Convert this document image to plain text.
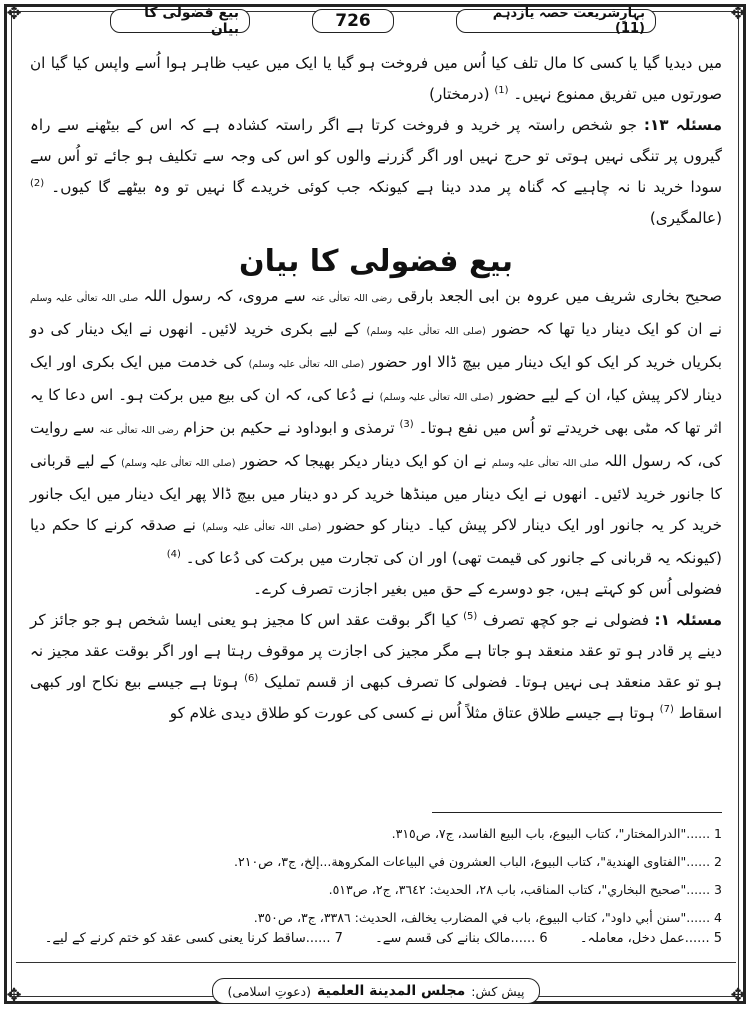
✥	✥
✥	✥
بیع فضولی کا بیان	726	بہارِشریعت حصہ یازدہم (11)

میں دیدیا گیا یا کسی کا مال تلف کیا اُس میں فروخت ہو گیا یا ایک میں عیب ظاہر ہوا اُسے واپس کیا گیا ان صورتوں میں تفریق ممنوع نہیں۔ $^{(1)}$ (درمختار)

مسئلہ ۱۳: جو شخص راستہ پر خرید و فروخت کرتا ہے اگر راستہ کشادہ ہے کہ اس کے بیٹھنے سے راہ گیروں پر تنگی نہیں ہوتی تو حرج نہیں اور اگر گزرنے والوں کو اس کی وجہ سے تکلیف ہو جائے تو اُس سے سودا خرید نا نہ چاہیے کہ گناہ پر مدد دینا ہے کیونکہ جب کوئی خریدے گا نہیں تو وہ بیٹھے گا کیوں۔ $^{(2)}$ (عالمگیری)

بیع فضولی کا بیان

صحیح بخاری شریف میں عروہ بن ابی الجعد بارقی رضی اللہ تعالٰی عنہ سے مروی، کہ رسول اللہ صلی اللہ تعالٰی علیہ وسلم نے ان کو ایک دینار دیا تھا کہ حضور (صلی اللہ تعالٰی علیہ وسلم) کے لیے بکری خرید لائیں۔ انھوں نے ایک دینار کی دو بکریاں خرید کر ایک کو ایک دینار میں بیچ ڈالا اور حضور (صلی اللہ تعالٰی علیہ وسلم) کی خدمت میں ایک بکری اور ایک دینار لاکر پیش کیا، ان کے لیے حضور (صلی اللہ تعالٰی علیہ وسلم) نے دُعا کی، کہ ان کی بیع میں برکت ہو۔ اس دعا کا یہ اثر تھا کہ مٹی بھی خریدتے تو اُس میں نفع ہوتا۔ $^{(3)}$ ترمذی و ابوداود نے حکیم بن حزام رضی اللہ تعالٰی عنہ سے روایت کی، کہ رسول اللہ صلی اللہ تعالٰی علیہ وسلم نے ان کو ایک دینار دیکر بھیجا کہ حضور (صلی اللہ تعالٰی علیہ وسلم) کے لیے قربانی کا جانور خرید لائیں۔ انھوں نے ایک دینار میں مینڈھا خرید کر دو دینار میں بیچ ڈالا پھر ایک دینار میں ایک جانور خرید کر یہ جانور اور ایک دینار لاکر پیش کیا۔ دینار کو حضور (صلی اللہ تعالٰی علیہ وسلم) نے صدقہ کرنے کا حکم دیا (کیونکہ یہ قربانی کے جانور کی قیمت تھی) اور ان کی تجارت میں برکت کی دُعا کی۔ $^{(4)}$

فضولی اُس کو کہتے ہیں، جو دوسرے کے حق میں بغیر اجازت تصرف کرے۔

مسئلہ ۱: فضولی نے جو کچھ تصرف $^{(5)}$ کیا اگر بوقت عقد اس کا مجیز ہو یعنی ایسا شخص ہو جو جائز کر دینے پر قادر ہو تو عقد منعقد ہو جاتا ہے مگر مجیز کی اجازت پر موقوف رہتا ہے اور اگر بوقت عقد مجیز نہ ہو تو عقد منعقد ہی نہیں ہوتا۔ فضولی کا تصرف کبھی از قسم تملیک $^{(6)}$ ہوتا ہے جیسے بیع نکاح اور کبھی اسقاط $^{(7)}$ ہوتا ہے جیسے طلاق عتاق مثلاً اُس نے کسی کی عورت کو طلاق دیدی غلام کو

1 ......"الدرالمختار"، كتاب البيوع، باب البيع الفاسد، ج٧، ص٣١٥.
2 ......"الفتاوى الهندية"، كتاب البيوع، الباب العشرون في البياعات المكروهة...إلخ، ج٣، ص٢١٠.
3 ......"صحيح البخاري"، كتاب المناقب، باب ٢٨، الحديث: ٣٦٤٢، ج٢، ص٥١٣.
4 ......"سنن أبي داود"، كتاب البيوع، باب في المضارب يخالف، الحديث: ٣٣٨٦، ج٣، ص٣٥٠.
5 ......عمل دخل، معاملہ۔ 6 ......مالک بنانے کی قسم سے۔ 7 ......ساقط کرنا یعنی کسی عقد کو ختم کرنے کے لیے۔
پیش کش:
مجلس المدينة العلمية
(دعوتِ اسلامی)
